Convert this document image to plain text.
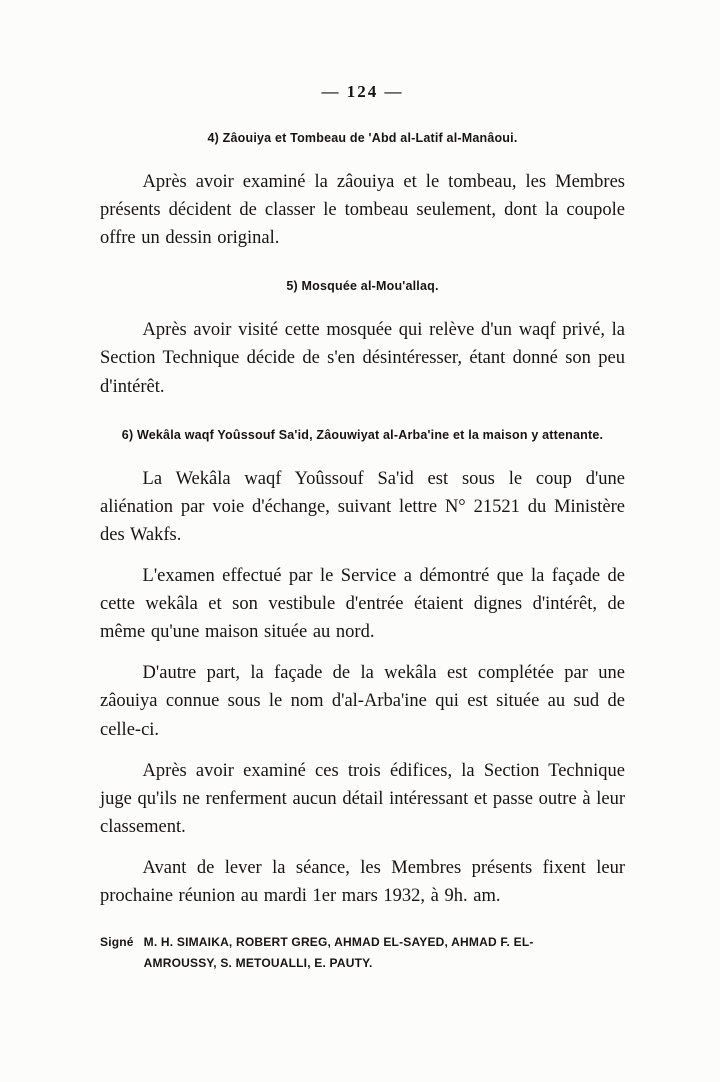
— 124 —
4) Zâouiya et Tombeau de 'Abd al-Latif al-Manâoui.

Après avoir examiné la zâouiya et le tombeau, les Membres présents décident de classer le tombeau seulement, dont la coupole offre un dessin original.

5) Mosquée al-Mou'allaq.

Après avoir visité cette mosquée qui relève d'un waqf privé, la Section Technique décide de s'en désintéresser, étant donné son peu d'intérêt.

6) Wekâla waqf Yoûssouf Sa'id, Zâouwiyat al-Arba'ine et la maison y attenante.

La Wekâla waqf Yoûssouf Sa'id est sous le coup d'une aliénation par voie d'échange, suivant lettre N° 21521 du Ministère des Wakfs.

L'examen effectué par le Service a démontré que la façade de cette wekâla et son vestibule d'entrée étaient dignes d'intérêt, de même qu'une maison située au nord.

D'autre part, la façade de la wekâla est complétée par une zâouiya connue sous le nom d'al-Arba'ine qui est située au sud de celle-ci.

Après avoir examiné ces trois édifices, la Section Technique juge qu'ils ne renferment aucun détail intéressant et passe outre à leur classement.

Avant de lever la séance, les Membres présents fixent leur prochaine réunion au mardi 1er mars 1932, à 9h. am.

Signé M. H. SIMAIKA, ROBERT GREG, AHMAD EL-SAYED, AHMAD F. EL-AMROUSSY, S. METOUALLI, E. PAUTY.
